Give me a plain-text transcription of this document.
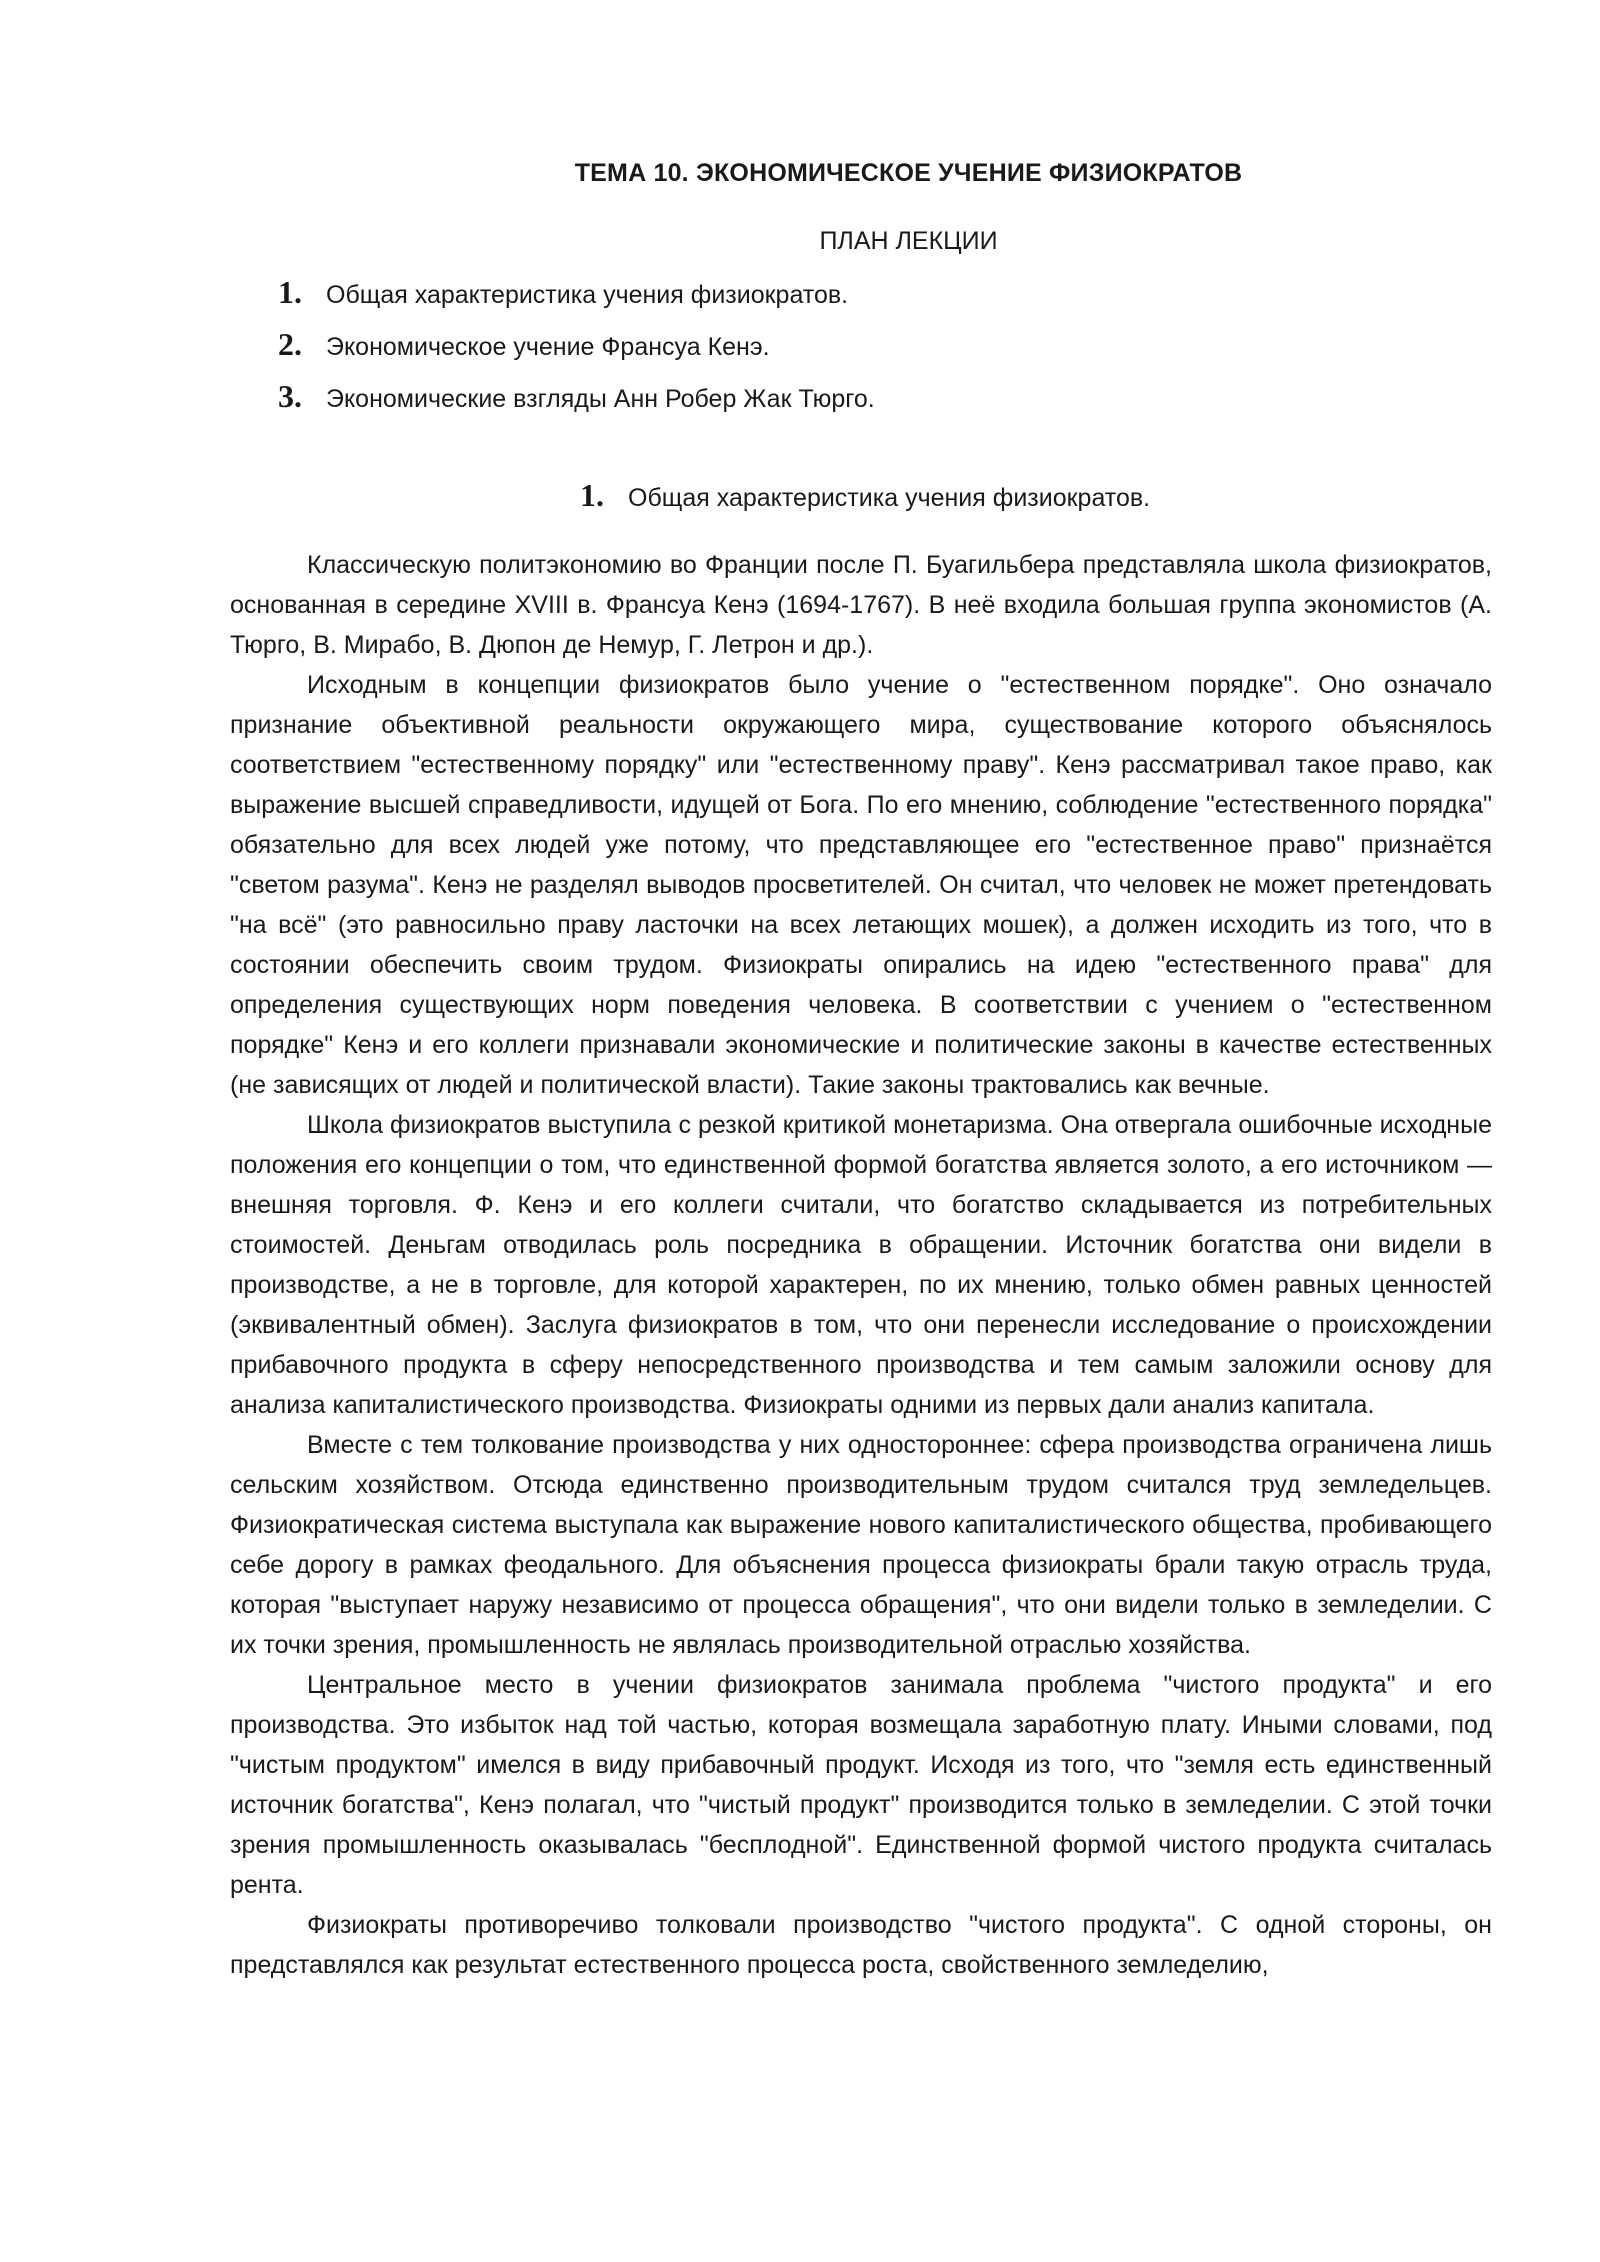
ТЕМА 10. ЭКОНОМИЧЕСКОЕ УЧЕНИЕ ФИЗИОКРАТОВ
ПЛАН ЛЕКЦИИ
1. Общая характеристика учения физиократов.
2. Экономическое учение Франсуа Кенэ.
3. Экономические взгляды Анн Робер Жак Тюрго.
1. Общая характеристика учения физиократов.

Классическую политэкономию во Франции после П. Буагильбера представляла школа физиократов, основанная в середине XVIII в. Франсуа Кенэ (1694-1767). В неё входила большая группа экономистов (А. Тюрго, В. Мирабо, В. Дюпон де Немур, Г. Летрон и др.).

Исходным в концепции физиократов было учение о "естественном порядке". Оно означало признание объективной реальности окружающего мира, существование которого объяснялось соответствием "естественному порядку" или "естественному праву". Кенэ рассматривал такое право, как выражение высшей справедливости, идущей от Бога. По его мнению, соблюдение "естественного порядка" обязательно для всех людей уже потому, что представляющее его "естественное право" признаётся "светом разума". Кенэ не разделял выводов просветителей. Он считал, что человек не может претендовать "на всё" (это равносильно праву ласточки на всех летающих мошек), а должен исходить из того, что в состоянии обеспечить своим трудом. Физиократы опирались на идею "естественного права" для определения существующих норм поведения человека. В соответствии с учением о "естественном порядке" Кенэ и его коллеги признавали экономические и политические законы в качестве естественных (не зависящих от людей и политической власти). Такие законы трактовались как вечные.

Школа физиократов выступила с резкой критикой монетаризма. Она отвергала ошибочные исходные положения его концепции о том, что единственной формой богатства является золото, а его источником — внешняя торговля. Ф. Кенэ и его коллеги считали, что богатство складывается из потребительных стоимостей. Деньгам отводилась роль посредника в обращении. Источник богатства они видели в производстве, а не в торговле, для которой характерен, по их мнению, только обмен равных ценностей (эквивалентный обмен). Заслуга физиократов в том, что они перенесли исследование о происхождении прибавочного продукта в сферу непосредственного производства и тем самым заложили основу для анализа капиталистического производства. Физиократы одними из первых дали анализ капитала.

Вместе с тем толкование производства у них одностороннее: сфера производства ограничена лишь сельским хозяйством. Отсюда единственно производительным трудом считался труд земледельцев. Физиократическая система выступала как выражение нового капиталистического общества, пробивающего себе дорогу в рамках феодального. Для объяснения процесса физиократы брали такую отрасль труда, которая "выступает наружу независимо от процесса обращения", что они видели только в земледелии. С их точки зрения, промышленность не являлась производительной отраслью хозяйства.

Центральное место в учении физиократов занимала проблема "чистого продукта" и его производства. Это избыток над той частью, которая возмещала заработную плату. Иными словами, под "чистым продуктом" имелся в виду прибавочный продукт. Исходя из того, что "земля есть единственный источник богатства", Кенэ полагал, что "чистый продукт" производится только в земледелии. С этой точки зрения промышленность оказывалась "бесплодной". Единственной формой чистого продукта считалась рента.

Физиократы противоречиво толковали производство "чистого продукта". С одной стороны, он представлялся как результат естественного процесса роста, свойственного земледелию,
